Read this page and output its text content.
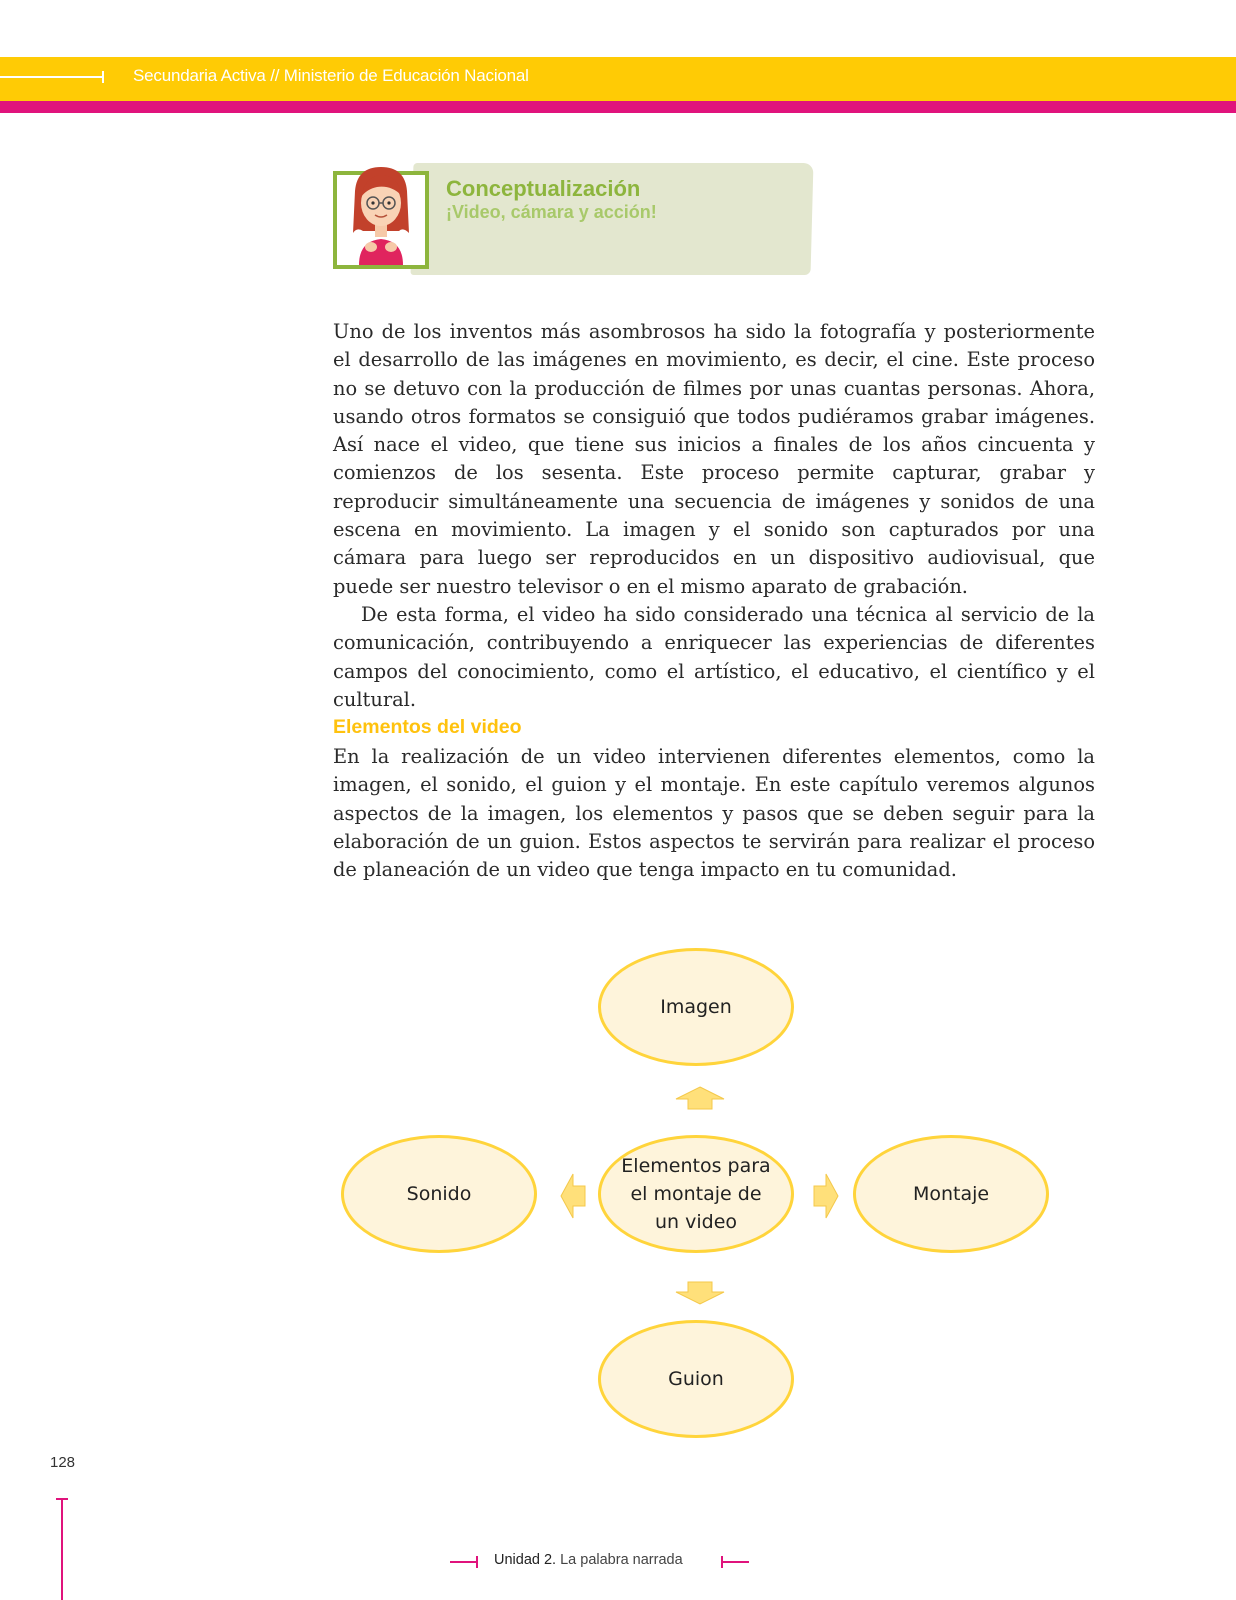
Secundaria Activa // Ministerio de Educación Nacional
Conceptualización
¡Video, cámara y acción!

Uno de los inventos más asombrosos ha sido la fotografía y posteriormente el desarrollo de las imágenes en movimiento, es decir, el cine. Este proceso no se detuvo con la producción de filmes por unas cuantas personas. Ahora, usando otros formatos se consiguió que todos pudiéramos grabar imágenes. Así nace el video, que tiene sus inicios a finales de los años cincuenta y comienzos de los sesenta. Este proceso permite capturar, grabar y reproducir simultáneamente una secuencia de imágenes y sonidos de una escena en movimiento. La imagen y el sonido son capturados por una cámara para luego ser reproducidos en un dispositivo audiovisual, que puede ser nuestro televisor o en el mismo aparato de grabación.

De esta forma, el video ha sido considerado una técnica al servicio de la comunicación, contribuyendo a enriquecer las experiencias de diferentes campos del conocimiento, como el artístico, el educativo, el científico y el cultural.

Elementos del video

En la realización de un video intervienen diferentes elementos, como la imagen, el sonido, el guion y el montaje. En este capítulo veremos algunos aspectos de la imagen, los elementos y pasos que se deben seguir para la elaboración de un guion. Estos aspectos te servirán para realizar el proceso de planeación de un video que tenga impacto en tu comunidad.

Imagen
Sonido
Elementos para el montaje de un video
Montaje
Guion
128
Unidad 2. La palabra narrada
